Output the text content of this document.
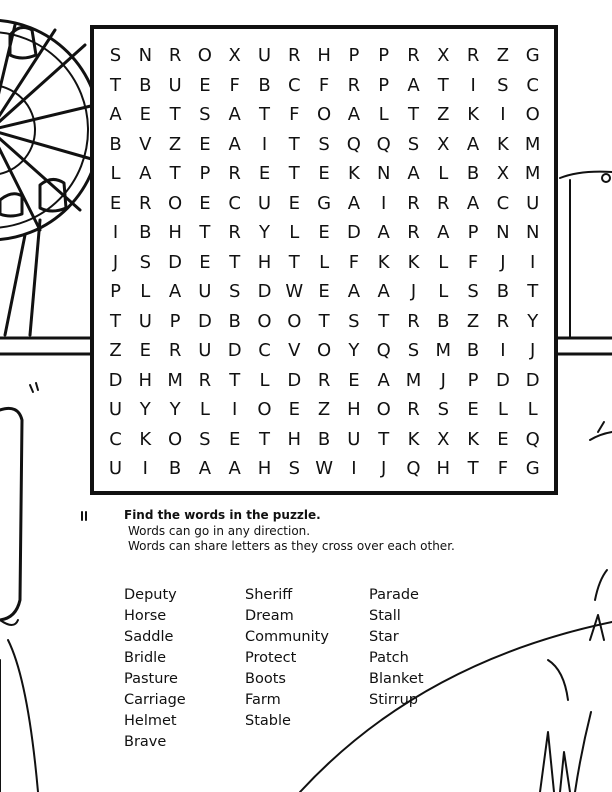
S N R O X U R H P	P	R X R Z G
T	B U E	F	B C	F	R	P	A	T	I	S C
A E	T	S A	T	F O A	L	T	Z K	I	O
B V Z E A	I	T	S Q Q S X A K M
L	A	T	P	R E	T	E	K N A	L	B X M
E R O E C U E G A	I	R R A C U
I	B H T	R	Y	L	E D A R A	P N N
J	S D E	T H T	L	F	K	K	L	F	J	I
P	L	A U S D W E A A	J	L	S B	T
T U P D B O O T	S	T	R B Z R	Y
Z E R U D C V O Y Q S M B	I	J
D H M R	T	L D R E A M	J	P D D
U Y	Y	L	I	O E Z H O R S	E	L	L
C K O S	E	T H B U T	K X K	E Q
U	I	B A A H S W	I	J	Q H T	F G
Find the words in the puzzle.
Words can go in any direction.
Words can share letters as they cross over each other.
Deputy
Horse
Saddle
Bridle
Pasture
Carriage
Helmet
Brave
Sheriff
Dream
Community
Protect
Boots
Farm
Stable
Parade
Stall
Star
Patch
Blanket
Stirrup
